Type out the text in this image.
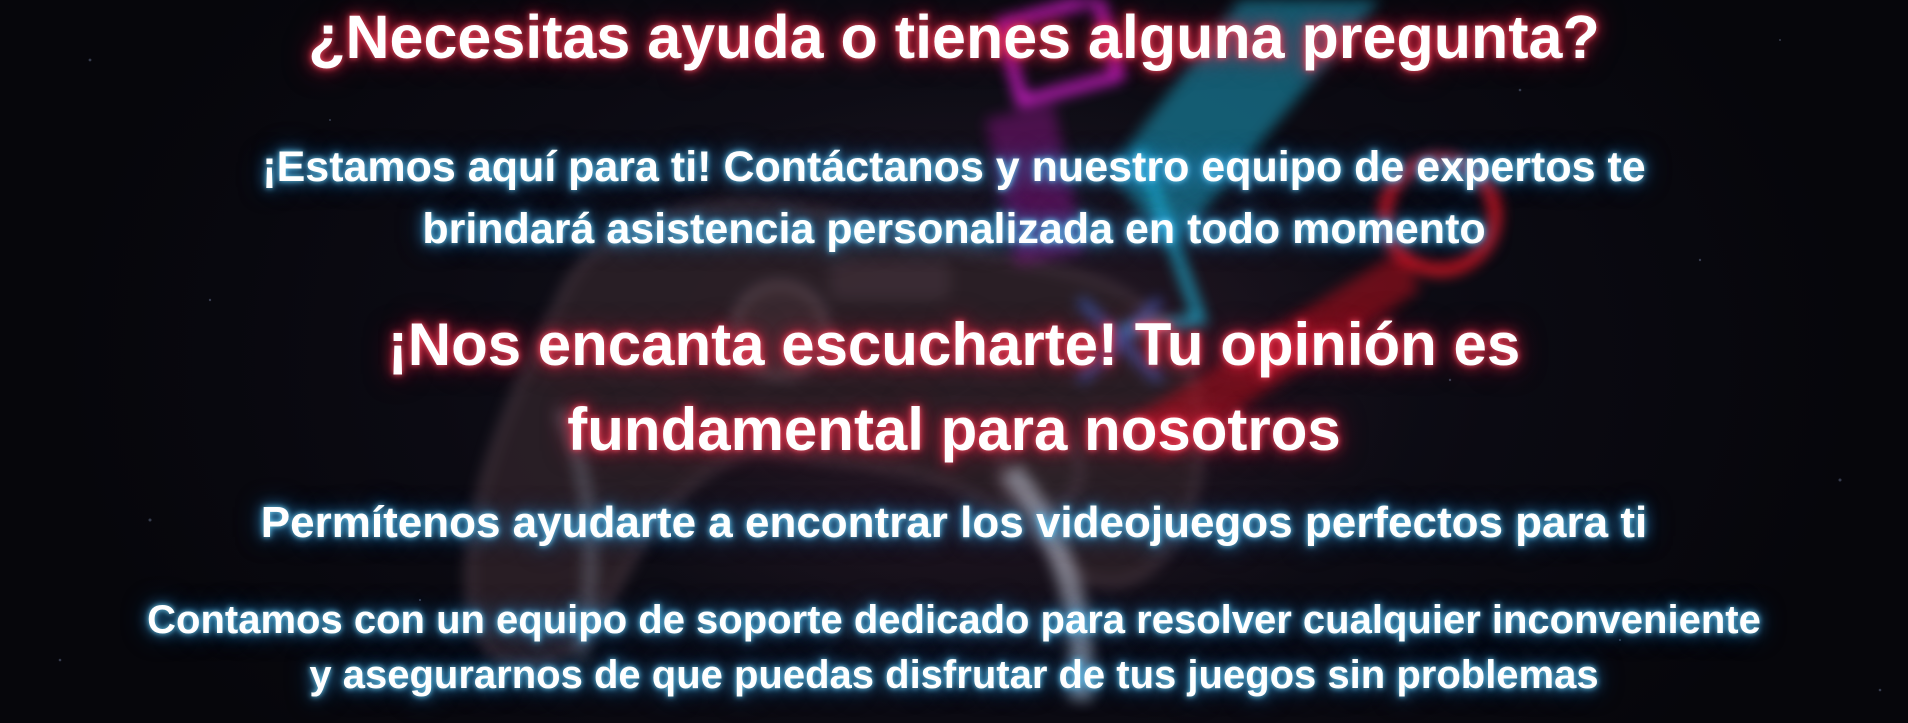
¿Necesitas ayuda o tienes alguna pregunta?
¡Estamos aquí para ti! Contáctanos y nuestro equipo de expertos te
brindará asistencia personalizada en todo momento
¡Nos encanta escucharte! Tu opinión es
fundamental para nosotros

Permítenos ayudarte a encontrar los videojuegos perfectos para ti

Contamos con un equipo de soporte dedicado para resolver cualquier inconveniente
y asegurarnos de que puedas disfrutar de tus juegos sin problemas
